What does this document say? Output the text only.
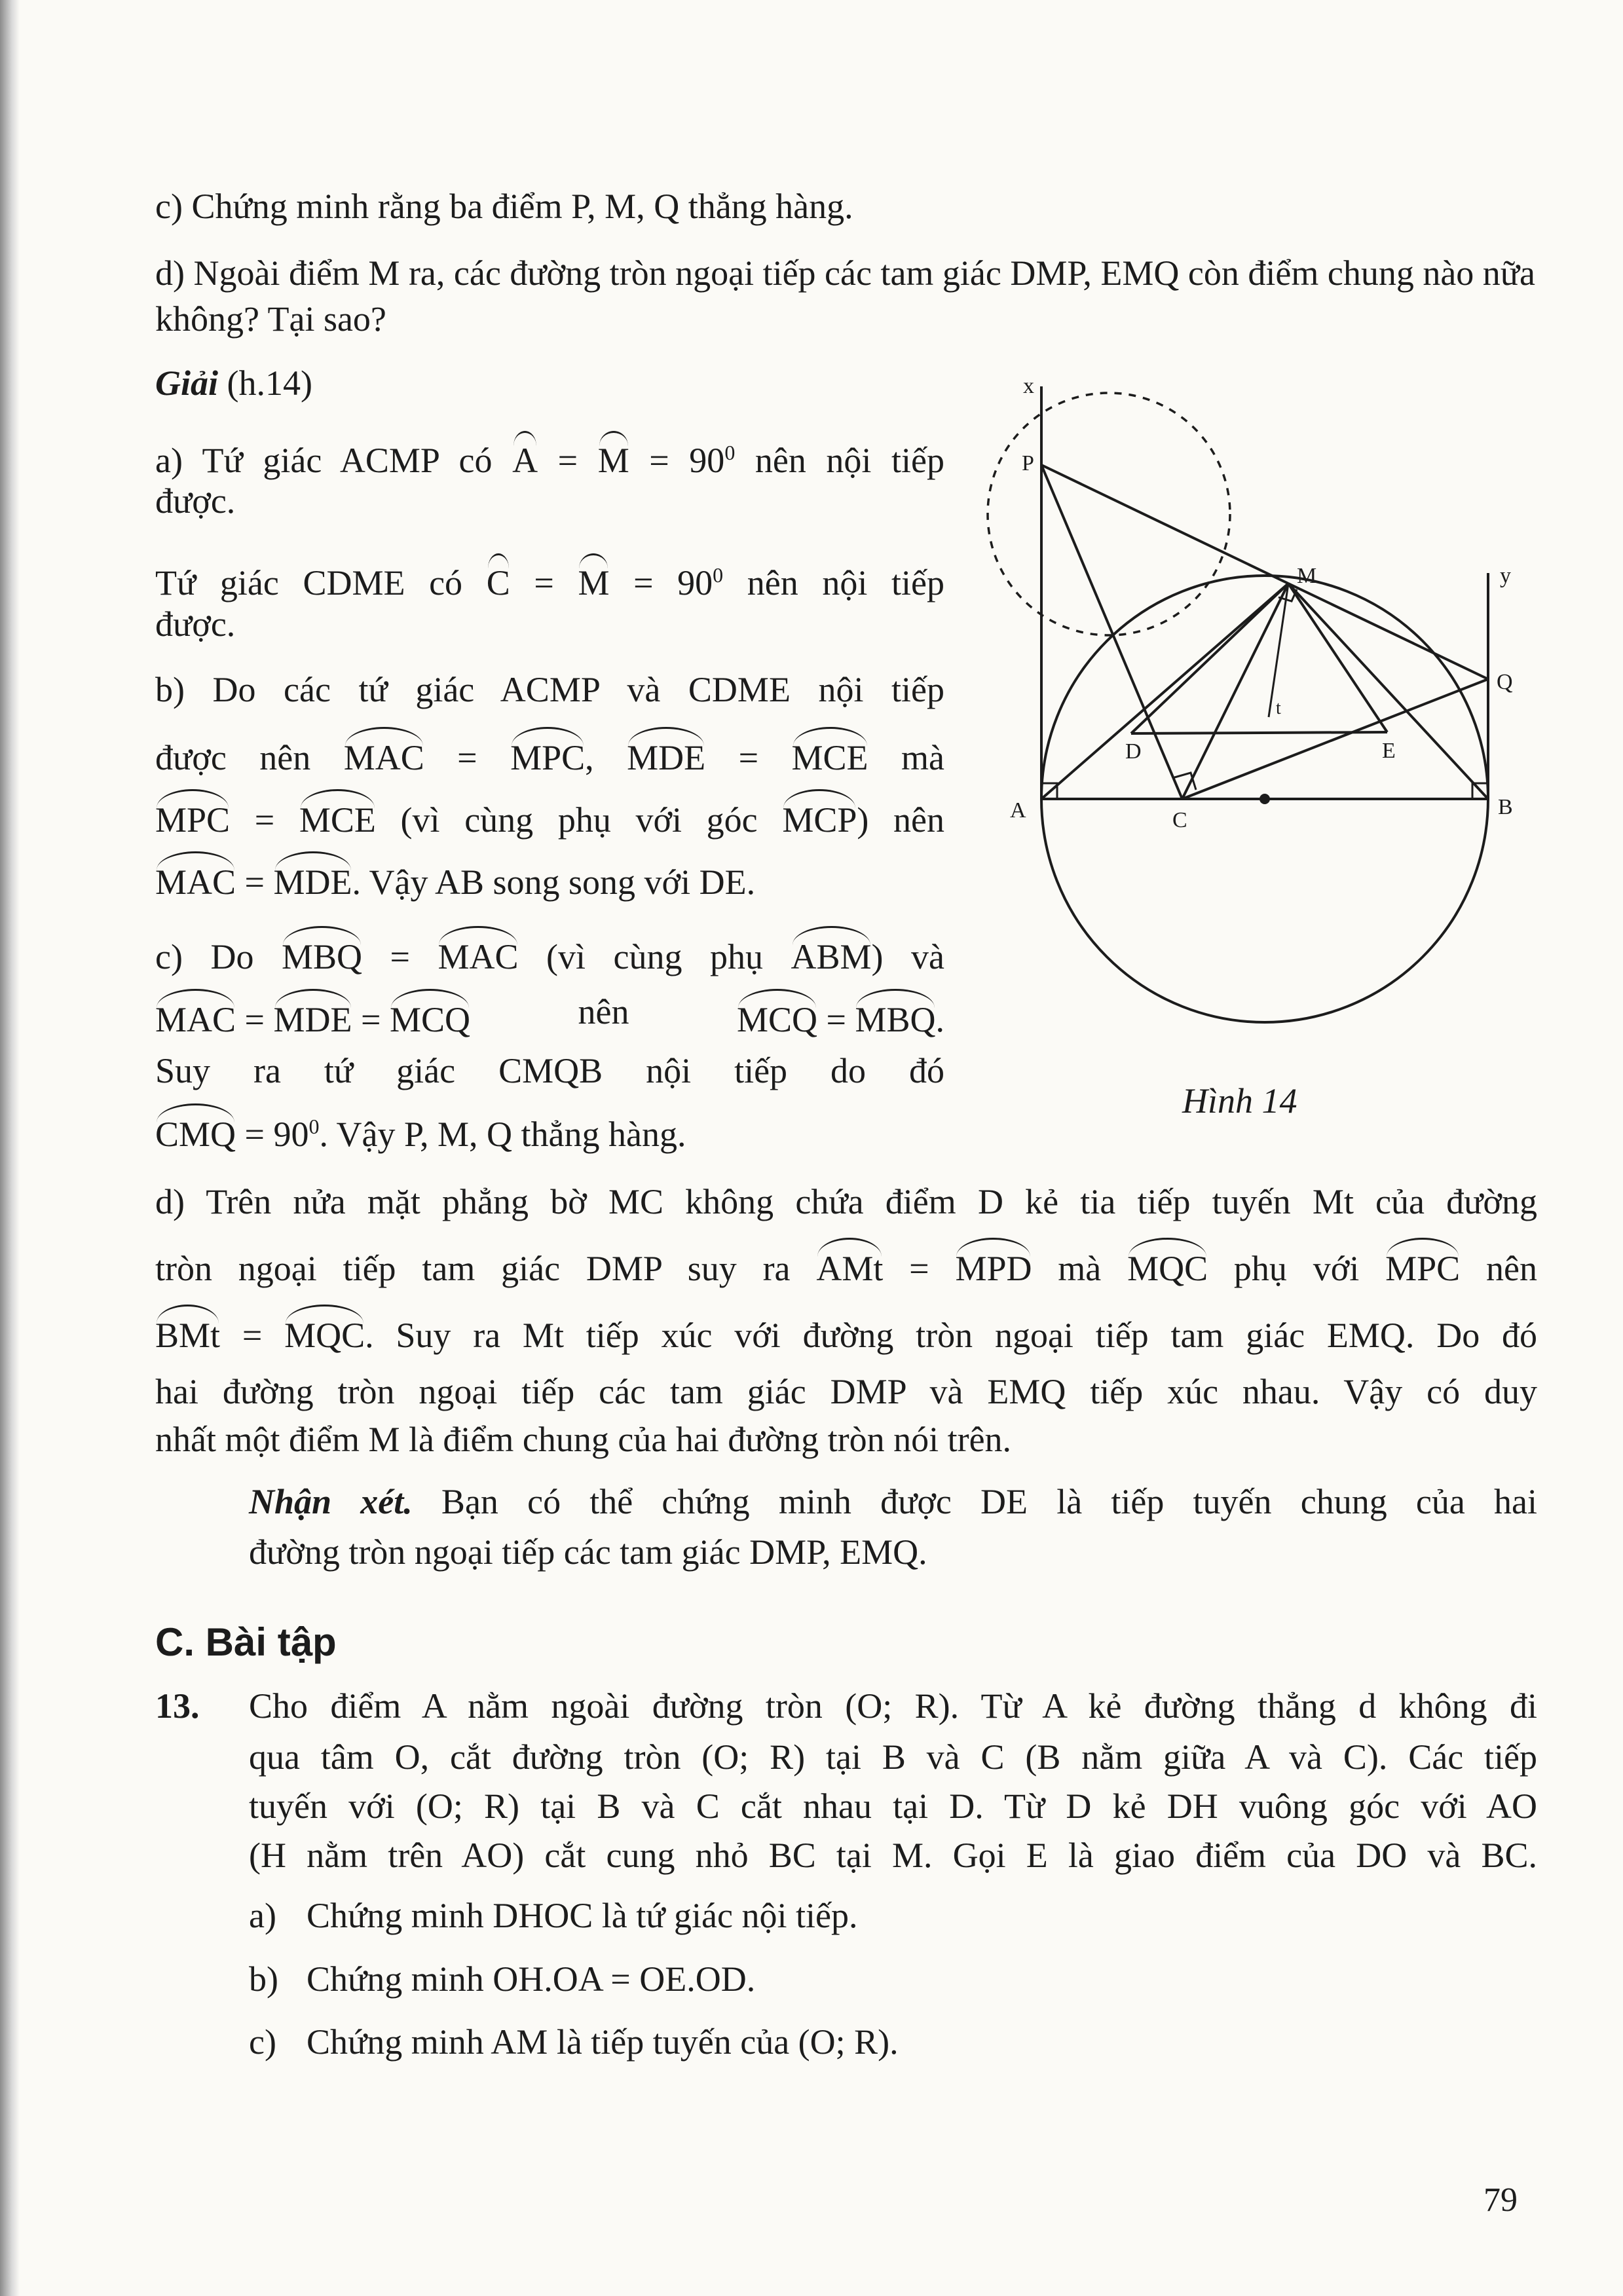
c) Chứng minh rằng ba điểm P, M, Q thẳng hàng.

d) Ngoài điểm M ra, các đường tròn ngoại tiếp các tam giác DMP, EMQ còn điểm chung nào nữa không? Tại sao?

Giải (h.14)

a) Tứ giác ACMP có $A = M = 90^0$ nên nội tiếp

được.

Tứ giác CDME có $C = M = 90^0$ nên nội tiếp

được.

b) Do các tứ giác ACMP và CDME nội tiếp

được nên MAC = MPC, MDE = MCE mà

MPC = MCE (vì cùng phụ với góc MCP) nên

MAC = MDE. Vậy AB song song với DE.

c) Do MBQ = MAC (vì cùng phụ ABM) và

MAC = MDE = MCQ	nên	MCQ = MBQ.

Suy ra tứ giác CMQB nội tiếp do đó

CMQ = $90^0$. Vậy P, M, Q thẳng hàng.

d) Trên nửa mặt phẳng bờ MC không chứa điểm D kẻ tia tiếp tuyến Mt của đường

tròn ngoại tiếp tam giác DMP suy ra AMt = MPD mà MQC phụ với MPC nên

BMt = MQC. Suy ra Mt tiếp xúc với đường tròn ngoại tiếp tam giác EMQ. Do đó

hai đường tròn ngoại tiếp các tam giác DMP và EMQ tiếp xúc nhau. Vậy có duy

nhất một điểm M là điểm chung của hai đường tròn nói trên.

Nhận xét. Bạn có thể chứng minh được DE là tiếp tuyến chung của hai

đường tròn ngoại tiếp các tam giác DMP, EMQ.

C. Bài tập

13. Cho điểm A nằm ngoài đường tròn (O; R). Từ A kẻ đường thẳng d không đi

qua tâm O, cắt đường tròn (O; R) tại B và C (B nằm giữa A và C). Các tiếp

tuyến với (O; R) tại B và C cắt nhau tại D. Từ D kẻ DH vuông góc với AO

(H nằm trên AO) cắt cung nhỏ BC tại M. Gọi E là giao điểm của DO và BC.

a) Chứng minh DHOC là tứ giác nội tiếp.

b) Chứng minh OH.OA = OE.OD.

c) Chứng minh AM là tiếp tuyến của (O; R).

79

x
P
M	y
Q
t
D	E
A	C
B

Hình 14
